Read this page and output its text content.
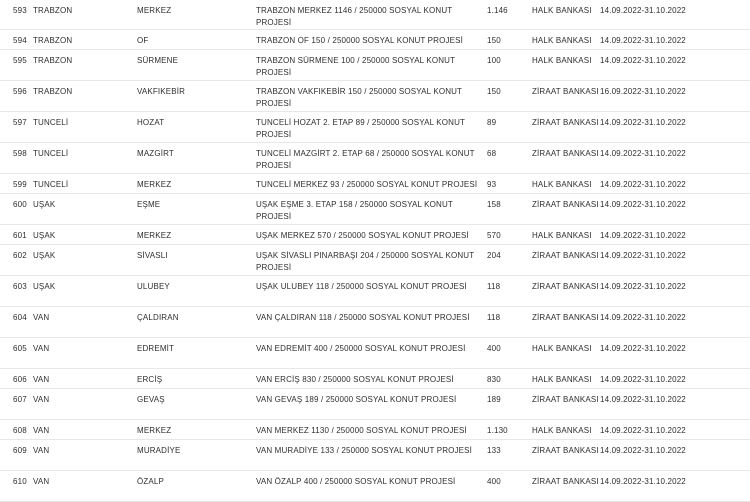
593	TRABZON	MERKEZ	TRABZON MERKEZ 1146 / 250000 SOSYAL KONUT PROJESİ	1.146	HALK BANKASI	14.09.2022-31.10.2022
594	TRABZON	OF	TRABZON OF 150 / 250000 SOSYAL KONUT PROJESİ	150	HALK BANKASI	14.09.2022-31.10.2022
595	TRABZON	SÜRMENE	TRABZON SÜRMENE 100 / 250000 SOSYAL KONUT PROJESİ	100	HALK BANKASI	14.09.2022-31.10.2022
596	TRABZON	VAKFIKEBİR	TRABZON VAKFIKEBİR 150 / 250000 SOSYAL KONUT PROJESİ	150	ZİRAAT BANKASI	16.09.2022-31.10.2022
597	TUNCELİ	HOZAT	TUNCELİ HOZAT 2. ETAP 89 / 250000 SOSYAL KONUT PROJESİ	89	ZİRAAT BANKASI	14.09.2022-31.10.2022
598	TUNCELİ	MAZGİRT	TUNCELİ MAZGİRT 2. ETAP 68 / 250000 SOSYAL KONUT PROJESİ	68	ZİRAAT BANKASI	14.09.2022-31.10.2022
599	TUNCELİ	MERKEZ	TUNCELİ MERKEZ 93 / 250000 SOSYAL KONUT PROJESİ	93	HALK BANKASI	14.09.2022-31.10.2022
600	UŞAK	EŞME	UŞAK EŞME 3. ETAP 158 / 250000 SOSYAL KONUT PROJESİ	158	ZİRAAT BANKASI	14.09.2022-31.10.2022
601	UŞAK	MERKEZ	UŞAK MERKEZ 570 / 250000 SOSYAL KONUT PROJESİ	570	HALK BANKASI	14.09.2022-31.10.2022
602	UŞAK	SİVASLI	UŞAK SİVASLI PINARBAŞI 204 / 250000 SOSYAL KONUT PROJESİ	204	ZİRAAT BANKASI	14.09.2022-31.10.2022
603	UŞAK	ULUBEY	UŞAK ULUBEY 118 / 250000 SOSYAL KONUT PROJESİ	118	ZİRAAT BANKASI	14.09.2022-31.10.2022
604	VAN	ÇALDIRAN	VAN ÇALDIRAN 118 / 250000 SOSYAL KONUT PROJESİ	118	ZİRAAT BANKASI	14.09.2022-31.10.2022
605	VAN	EDREMİT	VAN EDREMİT 400 / 250000 SOSYAL KONUT PROJESİ	400	HALK BANKASI	14.09.2022-31.10.2022
606	VAN	ERCİŞ	VAN ERCİŞ 830 / 250000 SOSYAL KONUT PROJESİ	830	HALK BANKASI	14.09.2022-31.10.2022
607	VAN	GEVAŞ	VAN GEVAŞ 189 / 250000 SOSYAL KONUT PROJESİ	189	ZİRAAT BANKASI	14.09.2022-31.10.2022
608	VAN	MERKEZ	VAN MERKEZ 1130 / 250000 SOSYAL KONUT PROJESİ	1.130	HALK BANKASI	14.09.2022-31.10.2022
609	VAN	MURADİYE	VAN MURADİYE 133 / 250000 SOSYAL KONUT PROJESİ	133	ZİRAAT BANKASI	14.09.2022-31.10.2022
610	VAN	ÖZALP	VAN ÖZALP 400 / 250000 SOSYAL KONUT PROJESİ	400	ZİRAAT BANKASI	14.09.2022-31.10.2022
